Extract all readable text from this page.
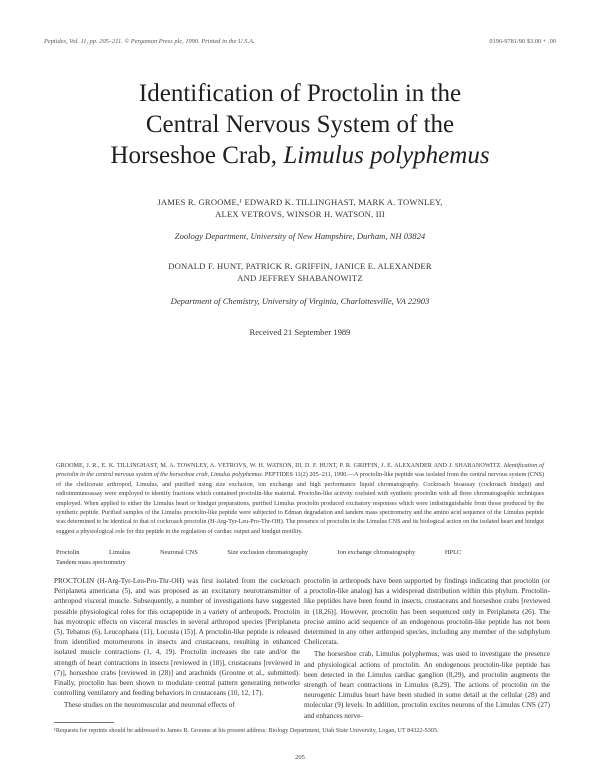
Peptides, Vol. 11, pp. 205–211. © Pergamon Press plc, 1990. Printed in the U.S.A.	0196-9781/90 $3.00 + .00
Identification of Proctolin in the
Central Nervous System of the
Horseshoe Crab, Limulus polyphemus
JAMES R. GROOME,¹ EDWARD K. TILLINGHAST, MARK A. TOWNLEY,
ALEX VETROVS, WINSOR H. WATSON, III
Zoology Department, University of New Hampshire, Durham, NH 03824
DONALD F. HUNT, PATRICK R. GRIFFIN, JANICE E. ALEXANDER
AND JEFFREY SHABANOWITZ
Department of Chemistry, University of Virginia, Charlottesville, VA 22903
Received 21 September 1989
GROOME, J. R., E. K. TILLINGHAST, M. A. TOWNLEY, A. VETROVS, W. H. WATSON, III, D. F. HUNT, P. R. GRIFFIN, J. E. ALEXANDER AND J. SHABANOWITZ. Identification of proctolin in the central nervous system of the horseshoe crab, Limulus polyphemus. PEPTIDES 11(2) 205–211, 1990.—A proctolin-like peptide was isolated from the central nervous system (CNS) of the chelicerate arthropod, Limulus, and purified using size exclusion, ion exchange and high performance liquid chromatography. Cockroach bioassay (cockroach hindgut) and radioimmunoassay were employed to identify fractions which contained proctolin-like material. Proctolin-like activity coeluted with synthetic proctolin with all three chromatographic techniques employed. When applied to either the Limulus heart or hindgut preparations, purified Limulus proctolin produced excitatory responses which were indistinguishable from those produced by the synthetic peptide. Purified samples of the Limulus proctolin-like peptide were subjected to Edman degradation and tandem mass spectrometry and the amino acid sequence of the Limulus peptide was determined to be identical to that of cockroach proctolin (H-Arg-Tyr-Leu-Pro-Thr-OH). The presence of proctolin in the Limulus CNS and its biological action on the isolated heart and hindgut suggest a physiological role for this peptide in the regulation of cardiac output and hindgut motility.
Proctolin	Limulus	Neuronal CNS	Size exclusion chromatography	Ion exchange chromatography	HPLC Tandem mass spectrometry

PROCTOLIN (H-Arg-Tyr-Leu-Pro-Thr-OH) was first isolated from the cockroach Periplaneta americana (5), and was proposed as an excitatory neurotransmitter of arthropod visceral muscle. Subsequently, a number of investigations have suggested possible physiological roles for this octapeptide in a variety of arthropods. Proctolin has myotropic effects on visceral muscles in several arthropod species [Periplaneta (5), Tebanus (6), Leucophaea (11), Locusta (15)]. A proctolin-like peptide is released from identified motorneurons in insects and crustaceans, resulting in enhanced isolated muscle contractions (1, 4, 19). Proctolin increases the rate and/or the strength of heart contractions in insects [reviewed in (18)], crustaceans [reviewed in (7)], horseshoe crabs [reviewed in (28)] and arachnids (Groome et al., submitted). Finally, proctolin has been shown to modulate central pattern generating networks controlling ventilatory and feeding behaviors in crustaceans (10, 12, 17).

These studies on the neuromuscular and neuronal effects of

proctolin in arthropods have been supported by findings indicating that proctolin (or a proctolin-like analog) has a widespread distribution within this phylum. Proctolin-like peptides have been found in insects, crustaceans and horseshoe crabs [reviewed in (18,26)]. However, proctolin has been sequenced only in Periplaneta (26). The precise amino acid sequence of an endogenous proctolin-like peptide has not been determined in any other arthropod species, including any member of the subphylum Chelicerata.

The horseshoe crab, Limulus polyphemus, was used to investigate the presence and physiological actions of proctolin. An endogenous proctolin-like peptide has been detected in the Limulus cardiac ganglion (8,29), and proctolin augments the strength of heart contractions in Limulus (8,29). The actions of proctolin on the neurogenic Limulus heart have been studied in some detail at the cellular (28) and molecular (9) levels. In addition, proctolin excites neurons of the Limulus CNS (27) and enhances nerve-

¹Requests for reprints should be addressed to James R. Groome at his present address: Biology Department, Utah State University, Logan, UT 84322-5305.
205
